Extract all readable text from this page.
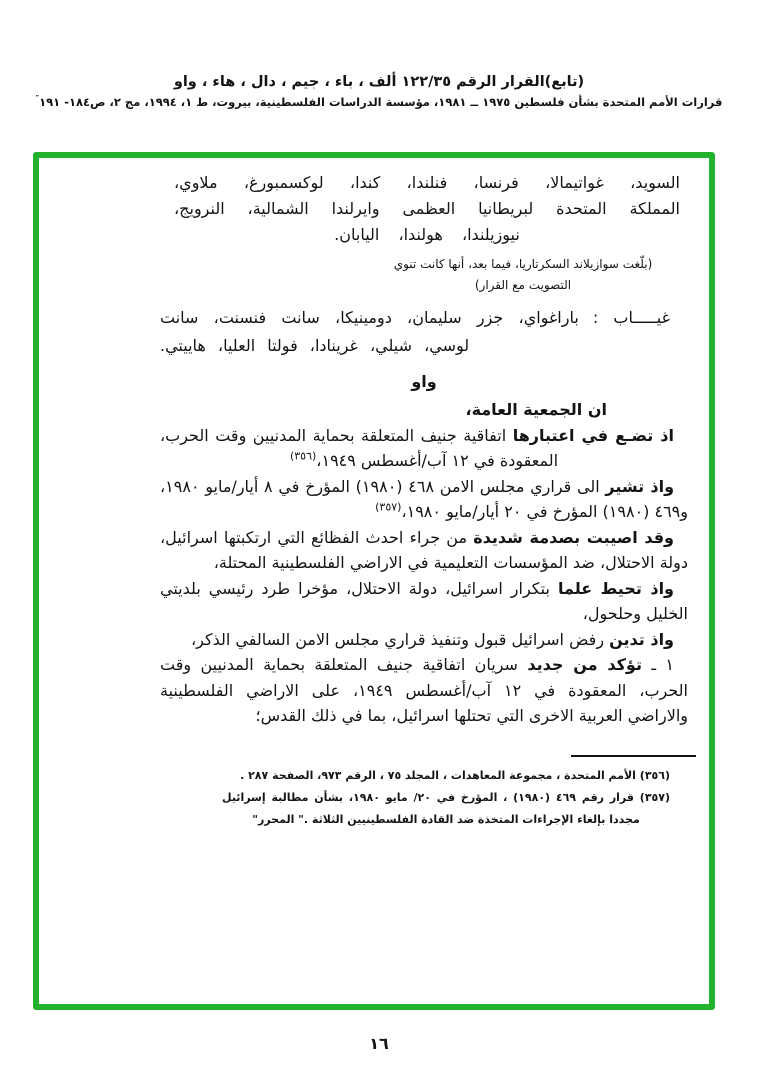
(تابع)القرار الرقم ١٢٢/٣٥ ألف ، باء ، جيم ، دال ، هاء ، واو
قرارات الأمم المتحدة بشأن فلسطين ١٩٧٥ ــ ١٩٨١، مؤسسة الدراسات الفلسطينية، بيروت، ط ١، ١٩٩٤، مج ٢، ص١٨٤- ١٩١″

السويد، غواتيمالا، فرنسا، فنلندا، كندا، لوكسمبورغ، ملاوي، المملكة المتحدة لبريطانيا العظمى وايرلندا الشمالية، النرويج، نيوزيلندا، هولندا، اليابان.

(بلّغت سوازيلاند السكرتاريا، فيما بعد، أنها كانت تنوي التصويت مع القرار)

غيـــــاب :باراغواي، جزر سليمان، دومينيكا، سانت فنسنت، سانت لوسي، شيلي، غرينادا، فولتا العليا، هاييتي.

واو

ان الجمعية العامة،

اذ تضـع في اعتبارها اتفاقية جنيف المتعلقة بحماية المدنيين وقت الحرب، المعقودة في ١٢ آب/أغسطس ١٩٤٩،$^{(٣٥٦)}$

واذ تشير الى قراري مجلس الامن ٤٦٨ (١٩٨٠) المؤرخ في ٨ أيار/مايو ١٩٨٠، و٤٦٩ (١٩٨٠) المؤرخ في ٢٠ أيار/مايو ١٩٨٠،$^{(٣٥٧)}$

وقد اصيبت بصدمة شديدة من جراء احدث الفظائع التي ارتكبتها اسرائيل، دولة الاحتلال، ضد المؤسسات التعليمية في الاراضي الفلسطينية المحتلة،

واذ تحيط علما بتكرار اسرائيل، دولة الاحتلال، مؤخرا طرد رئيسي بلديتي الخليل وحلحول،

واذ تدين رفض اسرائيل قبول وتنفيذ قراري مجلس الامن السالفي الذكر،

١ ـ تؤكد من جديد سريان اتفاقية جنيف المتعلقة بحماية المدنيين وقت الحرب، المعقودة في ١٢ آب/أغسطس ١٩٤٩، على الاراضي الفلسطينية والاراضي العربية الاخرى التي تحتلها اسرائيل، بما في ذلك القدس؛

(٣٥٦) الأمم المتحدة ، مجموعة المعاهدات ، المجلد ٧٥ ، الرقم ٩٧٣، الصفحة ٢٨٧ .
(٣٥٧) قرار رقم ٤٦٩ (١٩٨٠) ، المؤرخ في ٢٠/ مايو ١٩٨٠، بشأن مطالبة إسرائيل مجددا بإلغاء الإجراءات المتخذة ضد القادة الفلسطينيين الثلاثة ." المحرر"
١٦
